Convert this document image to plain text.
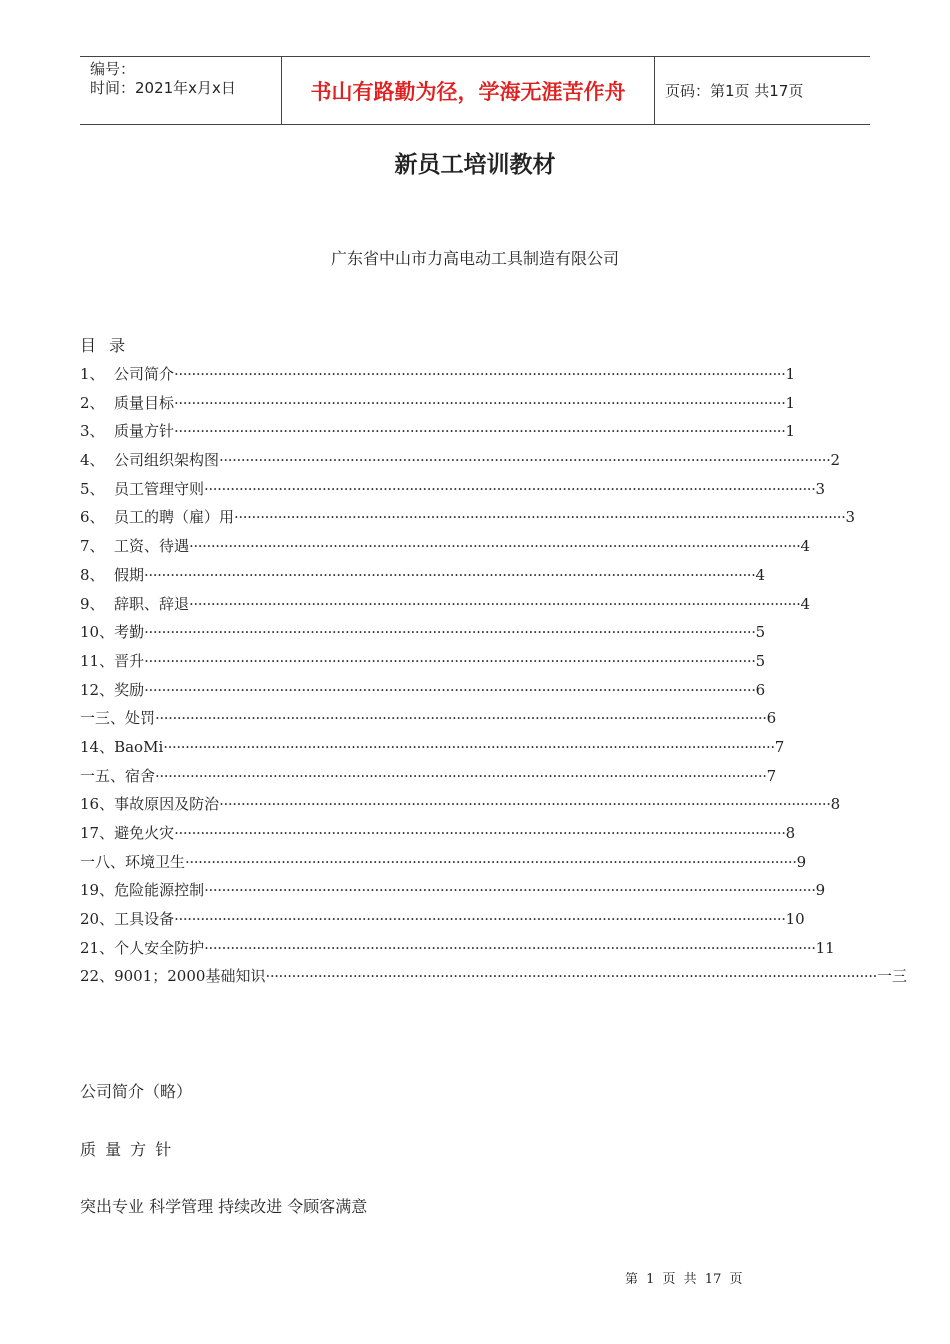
编号：
时间：2021年x月x日	书山有路勤为径，学海无涯苦作舟	页码：第1页 共17页
新员工培训教材
广东省中山市力高电动工具制造有限公司
目 录
1、 公司简介············································································································································1
2、 质量目标············································································································································1
3、 质量方针············································································································································1
4、 公司组织架构图············································································································································2
5、 员工管理守则············································································································································3
6、 员工的聘（雇）用············································································································································3
7、 工资、待遇············································································································································4
8、 假期············································································································································4
9、 辞职、辞退············································································································································4
10、考勤············································································································································5
11、晋升············································································································································5
12、奖励············································································································································6
一三、处罚············································································································································6
14、BaoMi············································································································································7
一五、宿舍············································································································································7
16、事故原因及防治············································································································································8
17、避免火灾············································································································································8
一八、环境卫生············································································································································9
19、危险能源控制············································································································································9
20、工具设备············································································································································10
21、个人安全防护············································································································································11
22、9001；2000基础知识············································································································································一三
公司简介（略）
质 量 方 针
突出专业 科学管理 持续改进 令顾客满意
第 1 页 共 17 页
